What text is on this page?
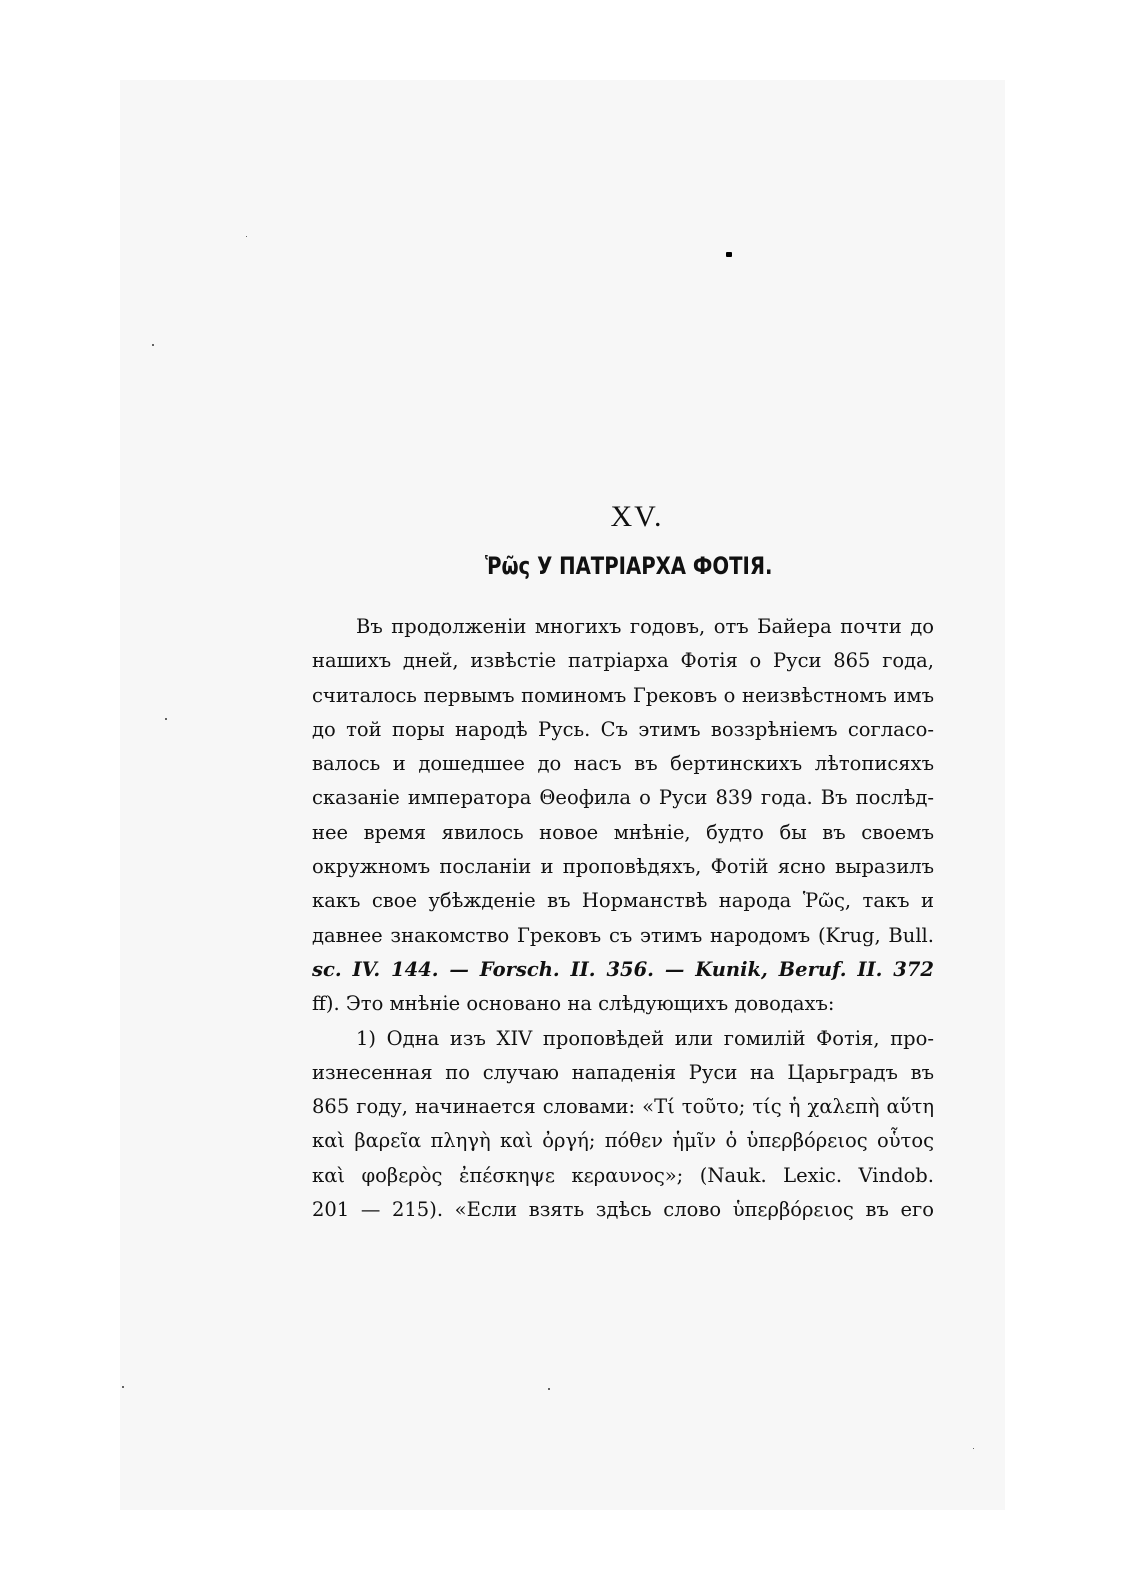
XV.
Ῥῶς У ПАТРІАРХА ФОТІЯ.
Въ продолженіи многихъ годовъ, отъ Байера почти до
нашихъ дней, извѣстіе патріарха Фотія о Руси 865 года,
считалось первымъ поминомъ Грековъ о неизвѣстномъ имъ
до той поры народѣ Русь. Съ этимъ воззрѣніемъ согласо-
валось и дошедшее до насъ въ бертинскихъ лѣтописяхъ
сказаніе императора Θеофила о Руси 839 года. Въ послѣд-
нее время явилось новое мнѣніе, будто бы въ своемъ
окружномъ посланіи и проповѣдяхъ, Фотій ясно выразилъ
какъ свое убѣжденіе въ Норманствѣ народа Ῥῶς, такъ и
давнее знакомство Грековъ съ этимъ народомъ (Krug, Bull.
sc. IV. 144. — Forsch. II. 356. — Kunik, Beruf. II. 372
ff). Это мнѣніе основано на слѣдующихъ доводахъ:
1) Одна изъ XIV проповѣдей или гомилій Фотія, про-
изнесенная по случаю нападенія Руси на Царьградъ въ
865 году, начинается словами: «Τί τοῦτο; τίς ἡ χαλεπὴ αὕτη
καὶ βαρεῖα πληγὴ καὶ ὀργή; πόθεν ἡμῖν ὁ ὑπερβόρειος οὗτος
καὶ φοβερὸς ἐπέσκηψε κεραυνος»; (Nauk. Lexic. Vindob.
201 — 215). «Если взять здѣсь слово ὑπερβόρειος въ его
